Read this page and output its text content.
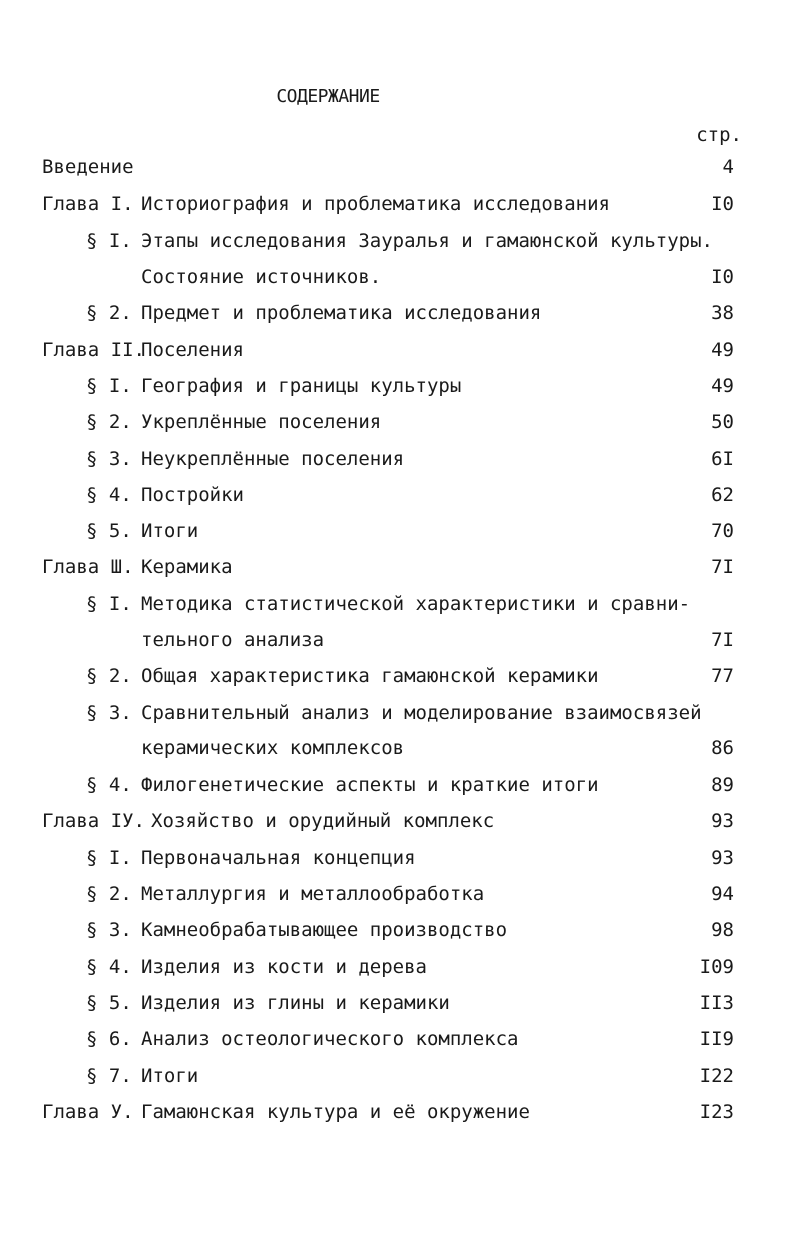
СОДЕРЖАНИЕ
стр.
Введение	4
Глава I. Историография и проблематика исследования	I0
§ I. Этапы исследования Зауралья и гамаюнской культуры.
Состояние источников.	I0
§ 2. Предмет и проблематика исследования	38
Глава II.
Поселения	49
§ I. География и границы культуры	49
§ 2. Укреплённые поселения	50
§ 3. Неукреплённые поселения	6I
§ 4. Постройки	62
§ 5. Итоги	70
Глава Ш. Керамика	7I
§ I. Методика статистической характеристики и сравни-
тельного анализа	7I
§ 2. Общая характеристика гамаюнской керамики	77
§ 3. Сравнительный анализ и моделирование взаимосвязей
керамических комплексов	86
§ 4. Филогенетические аспекты и краткие итоги	89
Глава IУ. Хозяйство и орудийный комплекс	93
§ I. Первоначальная концепция	93
§ 2. Металлургия и металлообработка	94
§ 3. Камнеобрабатывающее производство	98
§ 4. Изделия из кости и дерева	I09
§ 5. Изделия из глины и керамики	II3
§ 6. Анализ остеологического комплекса	II9
§ 7. Итоги	I22
Глава У. Гамаюнская культура и её окружение	I23
